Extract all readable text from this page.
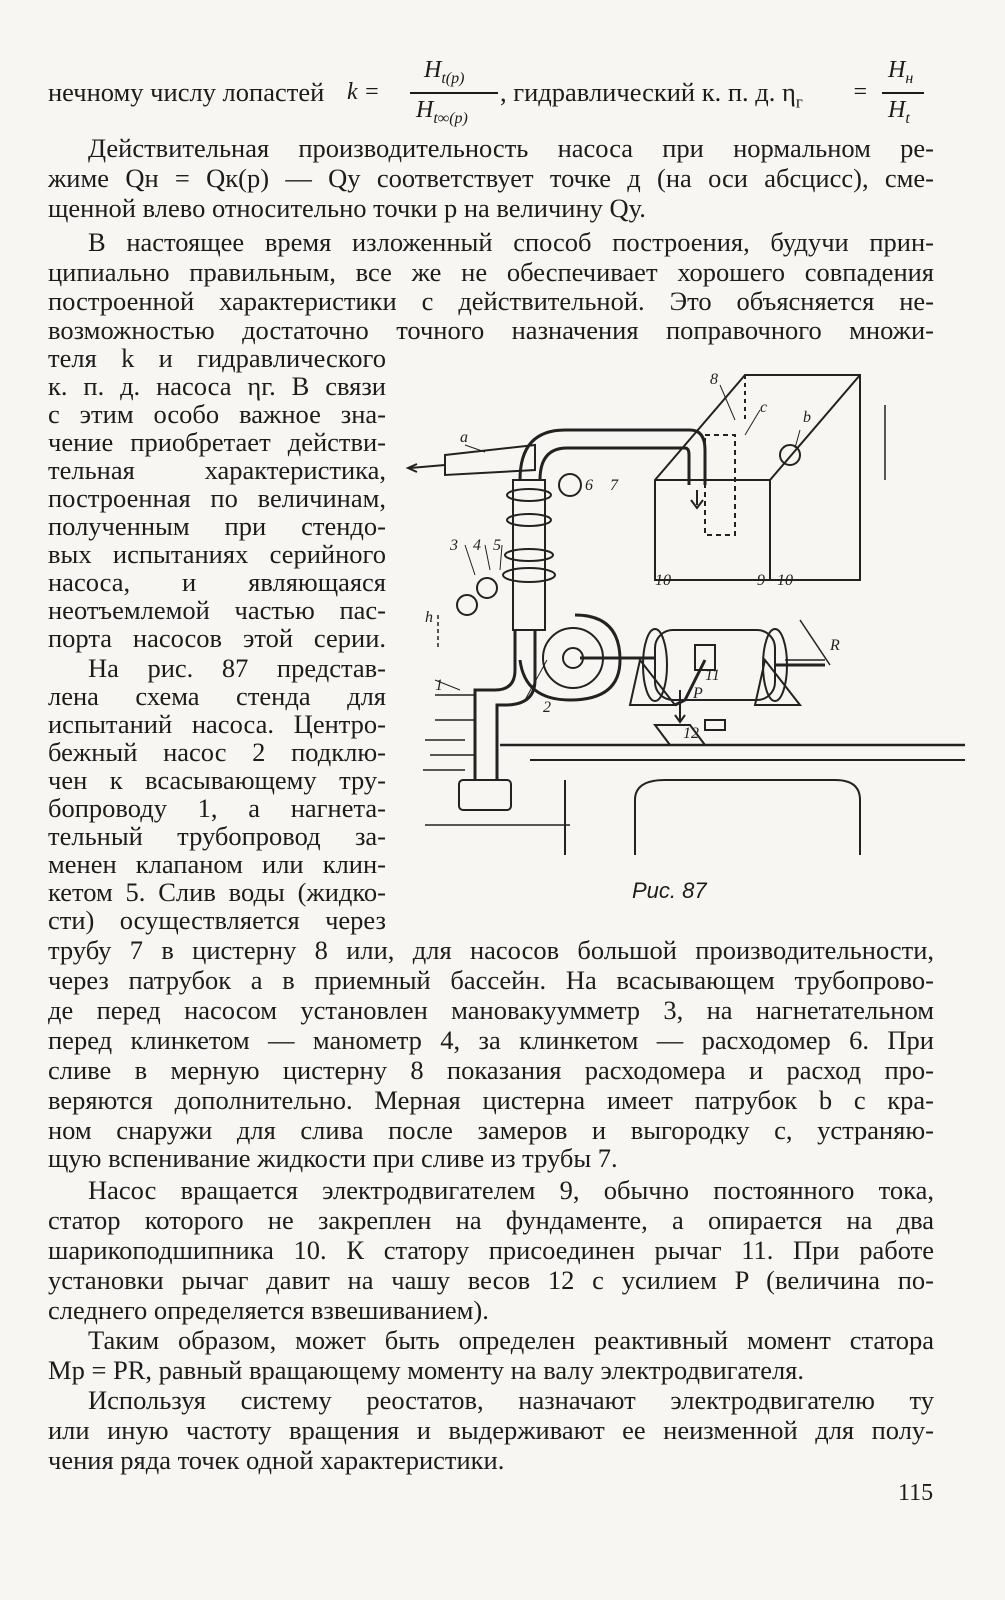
нечному числу лопастей k =
$H_{t(p)}$
$H_{t\infty(p)}$
, гидравлический к. п. д. $\eta_г$ =
$H_н$
$H_t$
Действительная производительность насоса при нормальном ре-
жиме Qн = Qк(р) — Qу соответствует точке д (на оси абсцисс), сме-
щенной влево относительно точки p на величину Qу.
В настоящее время изложенный способ построения, будучи прин-
ципиально правильным, все же не обеспечивает хорошего совпадения
построенной характеристики с действительной. Это объясняется не-
возможностью достаточно точного назначения поправочного множи-
теля k и гидравлического
к. п. д. насоса ηг. В связи
с этим особо важное зна-
чение приобретает действи-
тельная характеристика,
построенная по величинам,
полученным при стендо-
вых испытаниях серийного
насоса, и являющаяся
неотъемлемой частью пас-
порта насосов этой серии.
На рис. 87 представ-
лена схема стенда для
испытаний насоса. Центро-
бежный насос 2 подклю-
чен к всасывающему тру-
бопроводу 1, а нагнета-
тельный трубопровод за-
менен клапаном или клин-
кетом 5. Слив воды (жидко-
сти) осуществляется через
трубу 7 в цистерну 8 или, для насосов большой производительности,
через патрубок a в приемный бассейн. На всасывающем трубопрово-
де перед насосом установлен мановакуумметр 3, на нагнетательном
перед клинкетом — манометр 4, за клинкетом — расходомер 6. При
сливе в мерную цистерну 8 показания расходомера и расход про-
веряются дополнительно. Мерная цистерна имеет патрубок b с кра-
ном снаружи для слива после замеров и выгородку c, устраняю-
щую вспенивание жидкости при сливе из трубы 7.
Насос вращается электродвигателем 9, обычно постоянного тока,
статор которого не закреплен на фундаменте, а опирается на два
шарикоподшипника 10. К статору присоединен рычаг 11. При работе
установки рычаг давит на чашу весов 12 с усилием P (величина по-
следнего определяется взвешиванием).
Таким образом, может быть определен реактивный момент статора
Mр = PR, равный вращающему моменту на валу электродвигателя.
Используя систему реостатов, назначают электродвигателю ту
или иную частоту вращения и выдерживают ее неизменной для полу-
чения ряда точек одной характеристики.
8
c
b
a
6 7
3 4 5
h
10	9 10
R
11
P
12
1
2
Рис. 87
115
